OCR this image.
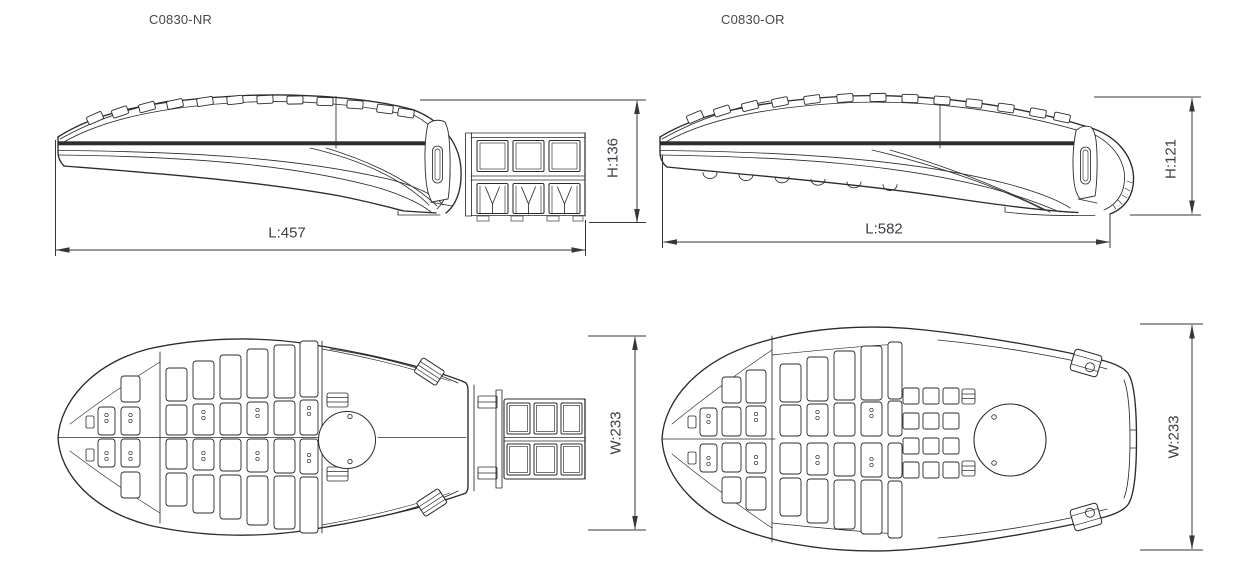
C0830-NR	C0830-OR
H:136
L:457
H:121
L:582
W:233	W:233
